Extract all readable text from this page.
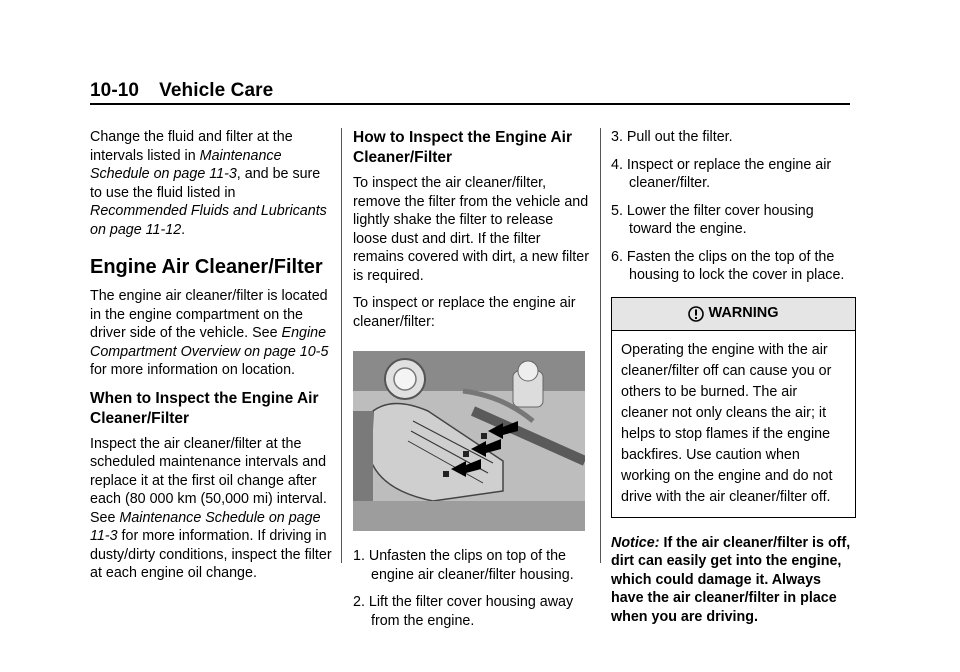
10-10 Vehicle Care

Change the fluid and filter at the intervals listed in Maintenance Schedule on page 11-3, and be sure to use the fluid listed in Recommended Fluids and Lubricants on page 11-12.

Engine Air Cleaner/Filter

The engine air cleaner/filter is located in the engine compartment on the driver side of the vehicle. See Engine Compartment Overview on page 10-5 for more information on location.

When to Inspect the Engine Air Cleaner/Filter

Inspect the air cleaner/filter at the scheduled maintenance intervals and replace it at the first oil change after each (80 000 km (50,000 mi) interval. See Maintenance Schedule on page 11-3 for more information. If driving in dusty/dirty conditions, inspect the filter at each engine oil change.

How to Inspect the Engine Air Cleaner/Filter

To inspect the air cleaner/filter, remove the filter from the vehicle and lightly shake the filter to release loose dust and dirt. If the filter remains covered with dirt, a new filter is required.

To inspect or replace the engine air cleaner/filter:

1. Unfasten the clips on top of the engine air cleaner/filter housing.
2. Lift the filter cover housing away from the engine.
3. Pull out the filter.
4. Inspect or replace the engine air cleaner/filter.
5. Lower the filter cover housing toward the engine.
6. Fasten the clips on the top of the housing to lock the cover in place.
WARNING
Operating the engine with the air cleaner/filter off can cause you or others to be burned. The air cleaner not only cleans the air; it helps to stop flames if the engine backfires. Use caution when working on the engine and do not drive with the air cleaner/filter off.

Notice: If the air cleaner/filter is off, dirt can easily get into the engine, which could damage it. Always have the air cleaner/filter in place when you are driving.
